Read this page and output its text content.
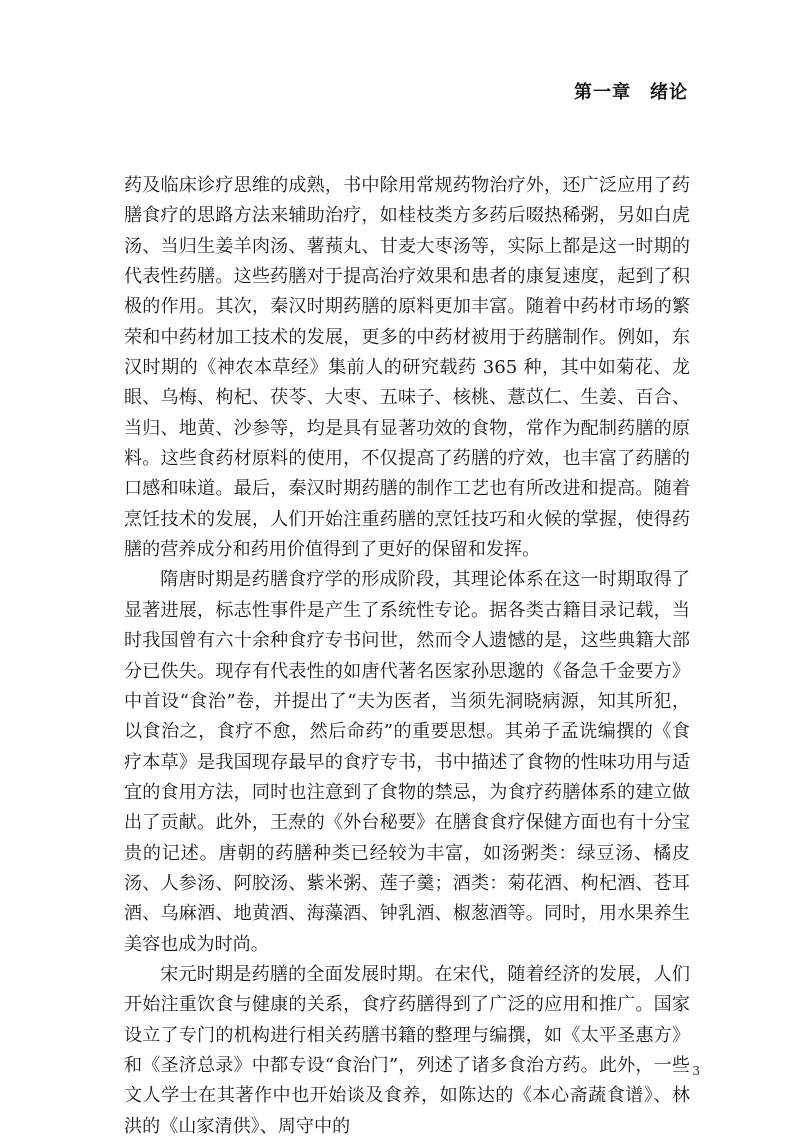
第一章　绪论

药及临床诊疗思维的成熟，书中除用常规药物治疗外，还广泛应用了药膳食疗的思路方法来辅助治疗，如桂枝类方多药后啜热稀粥，另如白虎汤、当归生姜羊肉汤、薯蓣丸、甘麦大枣汤等，实际上都是这一时期的代表性药膳。这些药膳对于提高治疗效果和患者的康复速度，起到了积极的作用。其次，秦汉时期药膳的原料更加丰富。随着中药材市场的繁荣和中药材加工技术的发展，更多的中药材被用于药膳制作。例如，东汉时期的《神农本草经》集前人的研究载药 365 种，其中如菊花、龙眼、乌梅、枸杞、茯苓、大枣、五味子、核桃、薏苡仁、生姜、百合、当归、地黄、沙参等，均是具有显著功效的食物，常作为配制药膳的原料。这些食药材原料的使用，不仅提高了药膳的疗效，也丰富了药膳的口感和味道。最后，秦汉时期药膳的制作工艺也有所改进和提高。随着烹饪技术的发展，人们开始注重药膳的烹饪技巧和火候的掌握，使得药膳的营养成分和药用价值得到了更好的保留和发挥。

隋唐时期是药膳食疗学的形成阶段，其理论体系在这一时期取得了显著进展，标志性事件是产生了系统性专论。据各类古籍目录记载，当时我国曾有六十余种食疗专书问世，然而令人遗憾的是，这些典籍大部分已佚失。现存有代表性的如唐代著名医家孙思邈的《备急千金要方》中首设“食治”卷，并提出了“夫为医者，当须先洞晓病源，知其所犯，以食治之，食疗不愈，然后命药”的重要思想。其弟子孟诜编撰的《食疗本草》是我国现存最早的食疗专书，书中描述了食物的性味功用与适宜的食用方法，同时也注意到了食物的禁忌，为食疗药膳体系的建立做出了贡献。此外，王焘的《外台秘要》在膳食食疗保健方面也有十分宝贵的记述。唐朝的药膳种类已经较为丰富，如汤粥类：绿豆汤、橘皮汤、人参汤、阿胶汤、紫米粥、莲子羹；酒类：菊花酒、枸杞酒、苍耳酒、乌麻酒、地黄酒、海藻酒、钟乳酒、椒葱酒等。同时，用水果养生美容也成为时尚。

宋元时期是药膳的全面发展时期。在宋代，随着经济的发展，人们开始注重饮食与健康的关系，食疗药膳得到了广泛的应用和推广。国家设立了专门的机构进行相关药膳书籍的整理与编撰，如《太平圣惠方》和《圣济总录》中都专设“食治门”，列述了诸多食治方药。此外，一些文人学士在其著作中也开始谈及食养，如陈达的《本心斋蔬食谱》、林洪的《山家清供》、周守中的

3
